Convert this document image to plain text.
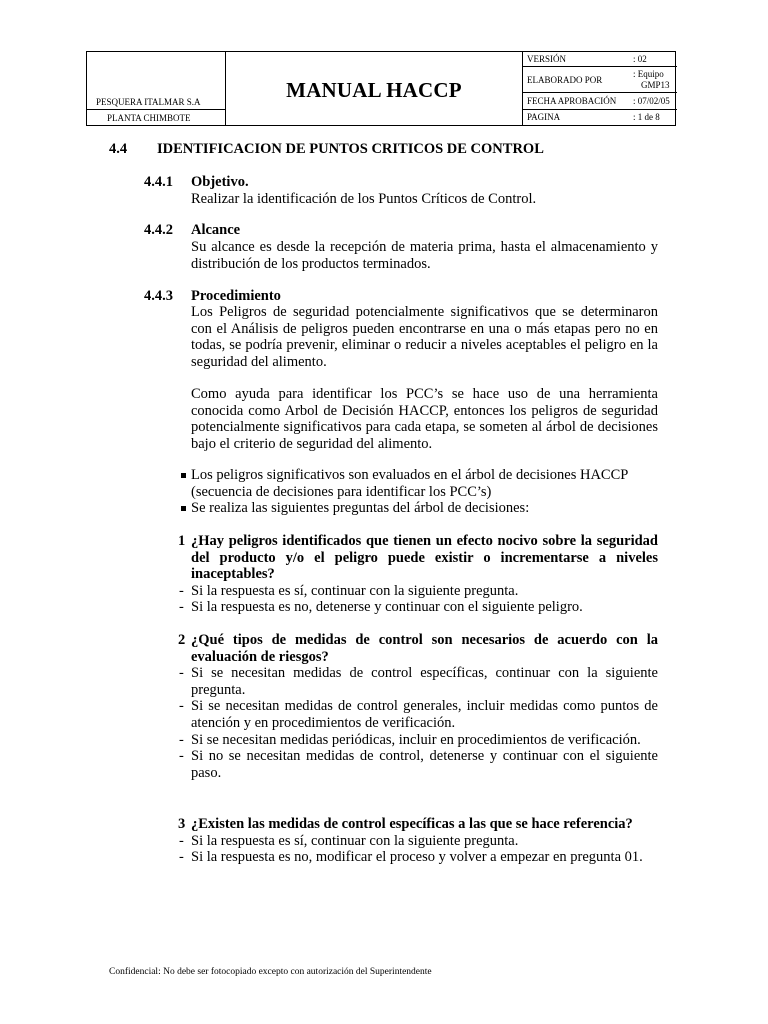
PESQUERA ITALMAR S.A
PLANTA CHIMBOTE
MANUAL HACCP
VERSIÓN	: 02
ELABORADO POR
: Equipo
GMP13
FECHA APROBACIÓN : 07/02/05
PAGINA	: 1 de 8
4.4 IDENTIFICACION DE PUNTOS CRITICOS DE CONTROL
4.4.1 Objetivo.
Realizar la identificación de los Puntos Críticos de Control.
4.4.2 Alcance
Su alcance es desde la recepción de materia prima, hasta el almacenamiento y distribución de los productos terminados.
4.4.3 Procedimiento
Los Peligros de seguridad potencialmente significativos que se determinaron con el Análisis de peligros pueden encontrarse en una o más etapas pero no en todas, se podría prevenir, eliminar o reducir a niveles aceptables el peligro en la seguridad del alimento.
Como ayuda para identificar los PCC’s se hace uso de una herramienta conocida como Arbol de Decisión HACCP, entonces los peligros de seguridad potencialmente significativos para cada etapa, se someten al árbol de decisiones bajo el criterio de seguridad del alimento.
Los peligros significativos son evaluados en el árbol de decisiones HACCP (secuencia de decisiones para identificar los PCC’s)
Se realiza las siguientes preguntas del árbol de decisiones:
1 ¿Hay peligros identificados que tienen un efecto nocivo sobre la seguridad del producto y/o el peligro puede existir o incrementarse a niveles inaceptables?
- Si la respuesta es sí, continuar con la siguiente pregunta.
- Si la respuesta es no, detenerse y continuar con el siguiente peligro.
2 ¿Qué tipos de medidas de control son necesarios de acuerdo con la evaluación de riesgos?
- Si se necesitan medidas de control específicas, continuar con la siguiente pregunta.
- Si se necesitan medidas de control generales, incluir medidas como puntos de atención y en procedimientos de verificación.
- Si se necesitan medidas periódicas, incluir en procedimientos de verificación.
- Si no se necesitan medidas de control, detenerse y continuar con el siguiente paso.
3 ¿Existen las medidas de control específicas a las que se hace referencia?
- Si la respuesta es sí, continuar con la siguiente pregunta.
- Si la respuesta es no, modificar el proceso y volver a empezar en pregunta 01.
Confidencial: No debe ser fotocopiado excepto con autorización del Superintendente
